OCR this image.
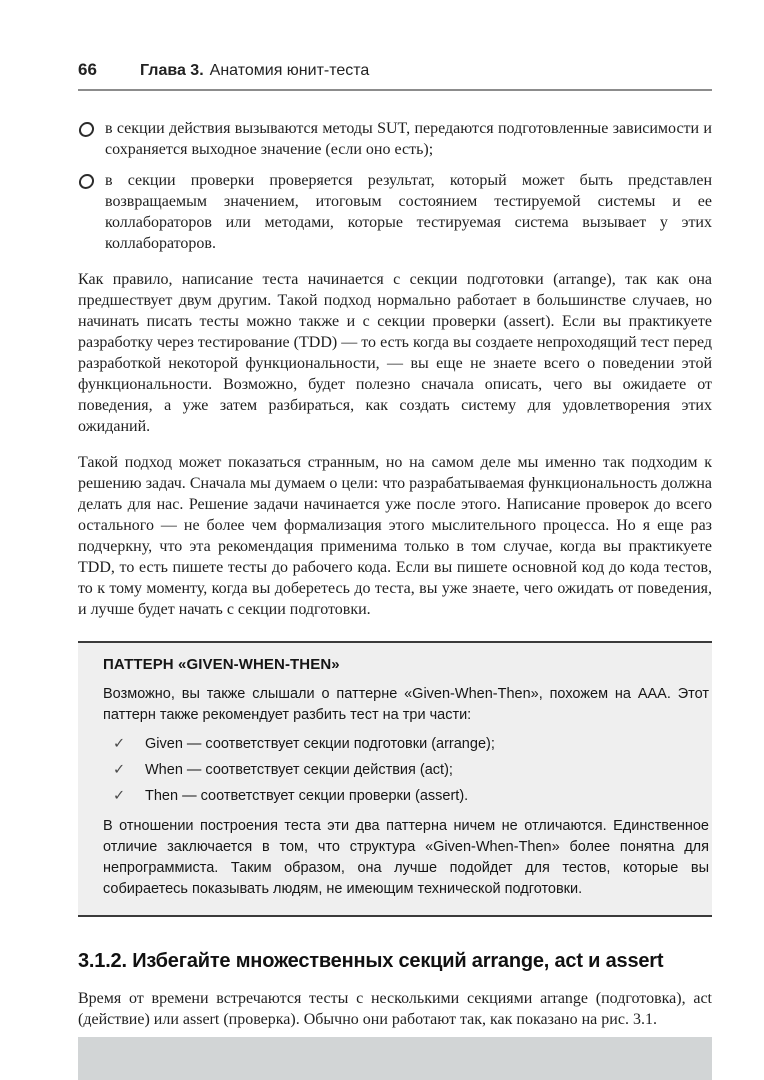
66	Глава 3. Анатомия юнит-теста
в секции действия вызываются методы SUT, передаются подготовленные зависимости и сохраняется выходное значение (если оно есть);
в секции проверки проверяется результат, который может быть представлен возвращаемым значением, итоговым состоянием тестируемой системы и ее коллабораторов или методами, которые тестируемая система вызывает у этих коллабораторов.

Как правило, написание теста начинается с секции подготовки (arrange), так как она предшествует двум другим. Такой подход нормально работает в большинстве случаев, но начинать писать тесты можно также и с секции проверки (assert). Если вы практикуете разработку через тестирование (TDD) — то есть когда вы создаете непроходящий тест перед разработкой некоторой функциональности, — вы еще не знаете всего о поведении этой функциональности. Возможно, будет полезно сначала описать, чего вы ожидаете от поведения, а уже затем разбираться, как создать систему для удовлетворения этих ожиданий.

Такой подход может показаться странным, но на самом деле мы именно так подходим к решению задач. Сначала мы думаем о цели: что разрабатываемая функциональность должна делать для нас. Решение задачи начинается уже после этого. Написание проверок до всего остального — не более чем формализация этого мыслительного процесса. Но я еще раз подчеркну, что эта рекомендация применима только в том случае, когда вы практикуете TDD, то есть пишете тесты до рабочего кода. Если вы пишете основной код до кода тестов, то к тому моменту, когда вы доберетесь до теста, вы уже знаете, чего ожидать от поведения, и лучше будет начать с секции подготовки.

ПАТТЕРН «GIVEN-WHEN-THEN»

Возможно, вы также слышали о паттерне «Given-When-Then», похожем на AAA. Этот паттерн также рекомендует разбить тест на три части:

✓	Given — соответствует секции подготовки (arrange);
✓	When — соответствует секции действия (act);
✓	Then — соответствует секции проверки (assert).

В отношении построения теста эти два паттерна ничем не отличаются. Единственное отличие заключается в том, что структура «Given-When-Then» более понятна для непрограммиста. Таким образом, она лучше подойдет для тестов, которые вы собираетесь показывать людям, не имеющим технической подготовки.

3.1.2. Избегайте множественных секций arrange, act и assert

Время от времени встречаются тесты с несколькими секциями arrange (подготовка), act (действие) или assert (проверка). Обычно они работают так, как показано на рис. 3.1.
